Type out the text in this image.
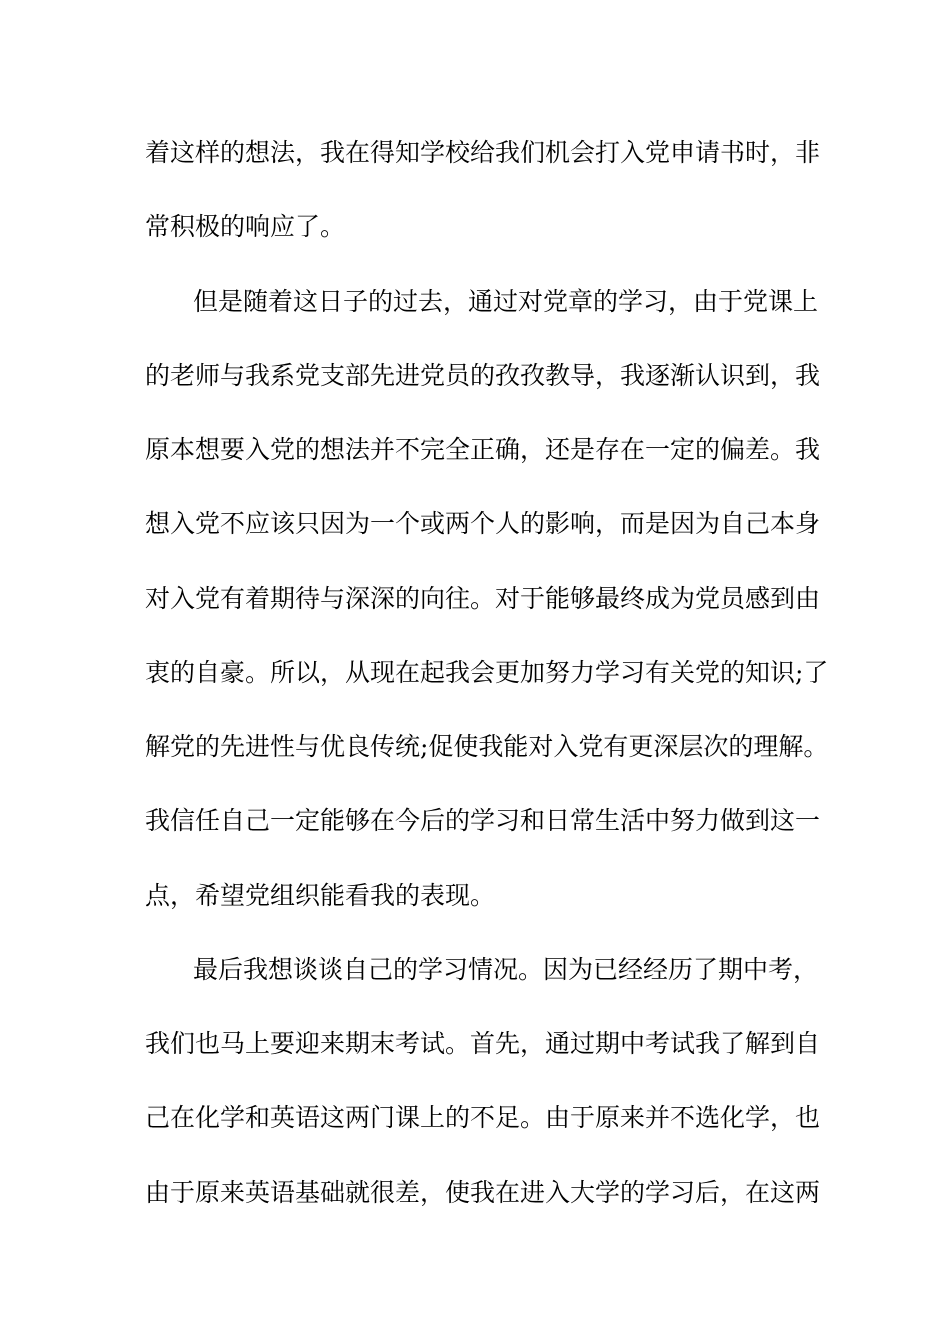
着这样的想法，我在得知学校给我们机会打入党申请书时，非
常积极的响应了。
但是随着这日子的过去，通过对党章的学习，由于党课上
的老师与我系党支部先进党员的孜孜教导，我逐渐认识到，我
原本想要入党的想法并不完全正确，还是存在一定的偏差。我
想入党不应该只因为一个或两个人的影响，而是因为自己本身
对入党有着期待与深深的向往。对于能够最终成为党员感到由
衷的自豪。所以，从现在起我会更加努力学习有关党的知识;了
解党的先进性与优良传统;促使我能对入党有更深层次的理解。
我信任自己一定能够在今后的学习和日常生活中努力做到这一
点，希望党组织能看我的表现。
最后我想谈谈自己的学习情况。因为已经经历了期中考，
我们也马上要迎来期末考试。首先，通过期中考试我了解到自
己在化学和英语这两门课上的不足。由于原来并不选化学，也
由于原来英语基础就很差，使我在进入大学的学习后，在这两
